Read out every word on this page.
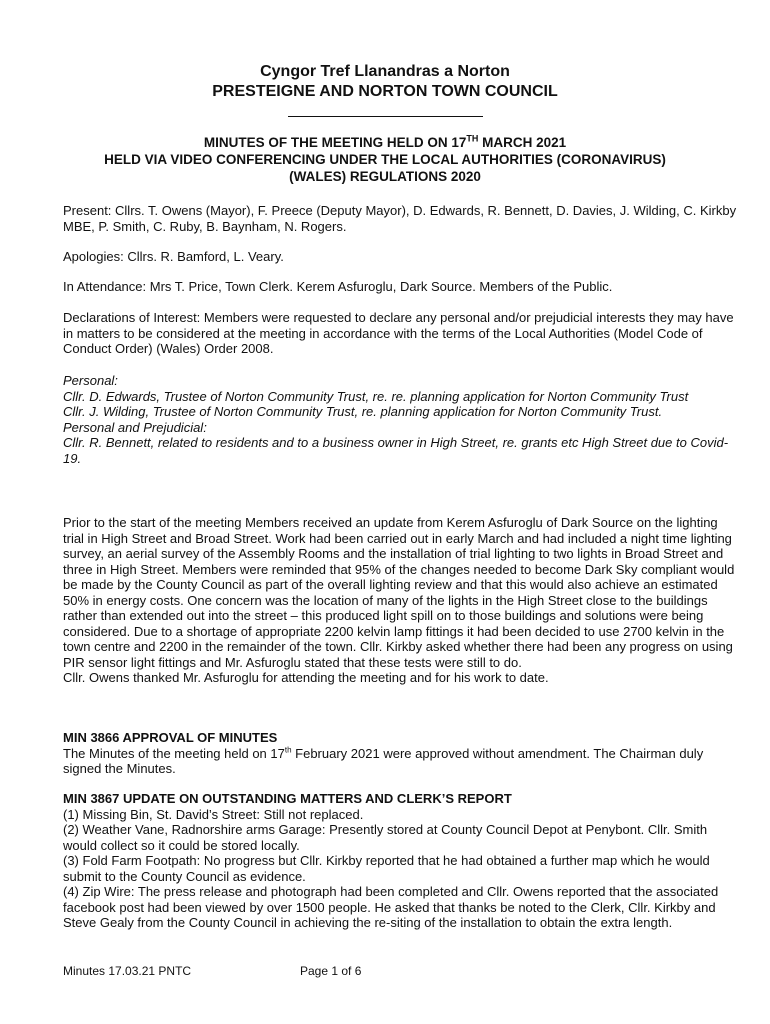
Cyngor Tref Llanandras a Norton
PRESTEIGNE AND NORTON TOWN COUNCIL
MINUTES OF THE MEETING HELD ON 17TH MARCH 2021
HELD VIA VIDEO CONFERENCING UNDER THE LOCAL AUTHORITIES (CORONAVIRUS)
(WALES) REGULATIONS 2020
Present: Cllrs. T. Owens (Mayor), F. Preece (Deputy Mayor), D. Edwards, R. Bennett, D. Davies, J. Wilding, C. Kirkby MBE, P. Smith, C. Ruby, B. Baynham, N. Rogers.
Apologies: Cllrs. R. Bamford, L. Veary.
In Attendance: Mrs T. Price, Town Clerk. Kerem Asfuroglu, Dark Source. Members of the Public.
Declarations of Interest: Members were requested to declare any personal and/or prejudicial interests they may have in matters to be considered at the meeting in accordance with the terms of the Local Authorities (Model Code of Conduct Order) (Wales) Order 2008.
Personal:
Cllr. D. Edwards, Trustee of Norton Community Trust, re. re. planning application for Norton Community Trust
Cllr. J. Wilding, Trustee of Norton Community Trust, re. planning application for Norton Community Trust.
Personal and Prejudicial:
Cllr. R. Bennett, related to residents and to a business owner in High Street, re. grants etc High Street due to Covid-19.
Prior to the start of the meeting Members received an update from Kerem Asfuroglu of Dark Source on the lighting trial in High Street and Broad Street. Work had been carried out in early March and had included a night time lighting survey, an aerial survey of the Assembly Rooms and the installation of trial lighting to two lights in Broad Street and three in High Street. Members were reminded that 95% of the changes needed to become Dark Sky compliant would be made by the County Council as part of the overall lighting review and that this would also achieve an estimated 50% in energy costs. One concern was the location of many of the lights in the High Street close to the buildings rather than extended out into the street – this produced light spill on to those buildings and solutions were being considered. Due to a shortage of appropriate 2200 kelvin lamp fittings it had been decided to use 2700 kelvin in the town centre and 2200 in the remainder of the town. Cllr. Kirkby asked whether there had been any progress on using PIR sensor light fittings and Mr. Asfuroglu stated that these tests were still to do.
Cllr. Owens thanked Mr. Asfuroglu for attending the meeting and for his work to date.
MIN 3866 APPROVAL OF MINUTES
The Minutes of the meeting held on 17th February 2021 were approved without amendment. The Chairman duly signed the Minutes.
MIN 3867 UPDATE ON OUTSTANDING MATTERS AND CLERK’S REPORT
(1) Missing Bin, St. David’s Street: Still not replaced.
(2) Weather Vane, Radnorshire arms Garage: Presently stored at County Council Depot at Penybont. Cllr. Smith would collect so it could be stored locally.
(3) Fold Farm Footpath: No progress but Cllr. Kirkby reported that he had obtained a further map which he would submit to the County Council as evidence.
(4) Zip Wire: The press release and photograph had been completed and Cllr. Owens reported that the associated facebook post had been viewed by over 1500 people. He asked that thanks be noted to the Clerk, Cllr. Kirkby and Steve Gealy from the County Council in achieving the re-siting of the installation to obtain the extra length.
Minutes 17.03.21 PNTC	Page 1 of 6
